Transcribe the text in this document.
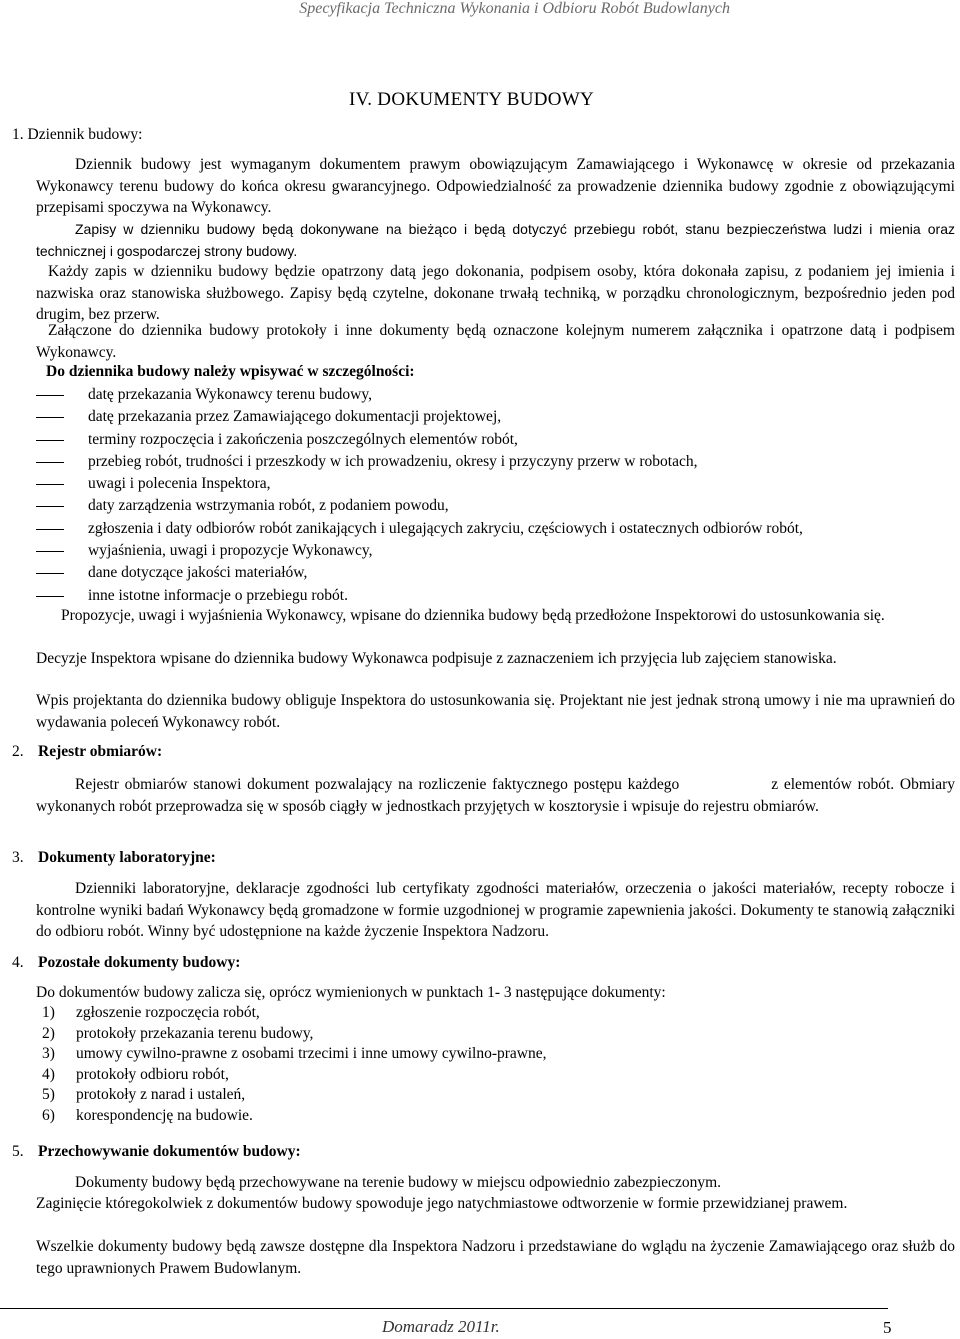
Specyfikacja Techniczna Wykonania i Odbioru Robót Budowlanych
IV. DOKUMENTY BUDOWY
1. Dziennik budowy:
Dziennik budowy jest wymaganym dokumentem prawym obowiązującym Zamawiającego i Wykonawcę w okresie od przekazania Wykonawcy terenu budowy do końca okresu gwarancyjnego. Odpowiedzialność za prowadzenie dziennika budowy zgodnie z obowiązującymi przepisami spoczywa na Wykonawcy.
Zapisy w dzienniku budowy będą dokonywane na bieżąco i będą dotyczyć przebiegu robót, stanu bezpieczeństwa ludzi i mienia oraz technicznej i gospodarczej strony budowy.
Każdy zapis w dzienniku budowy będzie opatrzony datą jego dokonania, podpisem osoby, która dokonała zapisu, z podaniem jej imienia i nazwiska oraz stanowiska służbowego. Zapisy będą czytelne, dokonane trwałą techniką, w porządku chronologicznym, bezpośrednio jeden pod drugim, bez przerw.
Załączone do dziennika budowy protokoły i inne dokumenty będą oznaczone kolejnym numerem załącznika i opatrzone datą i podpisem Wykonawcy.
Do dziennika budowy należy wpisywać w szczególności:
datę przekazania Wykonawcy terenu budowy,
datę przekazania przez Zamawiającego dokumentacji projektowej,
terminy rozpoczęcia i zakończenia poszczególnych elementów robót,
przebieg robót, trudności i przeszkody w ich prowadzeniu, okresy i przyczyny przerw w robotach,
uwagi i polecenia Inspektora,
daty zarządzenia wstrzymania robót, z podaniem powodu,
zgłoszenia i daty odbiorów robót zanikających i ulegających zakryciu, częściowych i ostatecznych odbiorów robót,
wyjaśnienia, uwagi i propozycje Wykonawcy,
dane dotyczące jakości materiałów,
inne istotne informacje o przebiegu robót.
Propozycje, uwagi i wyjaśnienia Wykonawcy, wpisane do dziennika budowy będą przedłożone Inspektorowi do ustosunkowania się.
Decyzje Inspektora wpisane do dziennika budowy Wykonawca podpisuje z zaznaczeniem ich przyjęcia lub zajęciem stanowiska.
Wpis projektanta do dziennika budowy obliguje Inspektora do ustosunkowania się. Projektant nie jest jednak stroną umowy i nie ma uprawnień do wydawania poleceń Wykonawcy robót.
2. Rejestr obmiarów:
Rejestr obmiarów stanowi dokument pozwalający na rozliczenie faktycznego postępu każdego	z elementów robót. Obmiary wykonanych robót przeprowadza się w sposób ciągły w jednostkach przyjętych w kosztorysie i wpisuje do rejestru obmiarów.
3. Dokumenty laboratoryjne:
Dzienniki laboratoryjne, deklaracje zgodności lub certyfikaty zgodności materiałów, orzeczenia o jakości materiałów, recepty robocze i kontrolne wyniki badań Wykonawcy będą gromadzone w formie uzgodnionej w programie zapewnienia jakości. Dokumenty te stanowią załączniki do odbioru robót. Winny być udostępnione na każde życzenie Inspektora Nadzoru.
4. Pozostałe dokumenty budowy:
Do dokumentów budowy zalicza się, oprócz wymienionych w punktach 1- 3 następujące dokumenty:
1) zgłoszenie rozpoczęcia robót,
2) protokoły przekazania terenu budowy,
3) umowy cywilno-prawne z osobami trzecimi i inne umowy cywilno-prawne,
4) protokoły odbioru robót,
5) protokoły z narad i ustaleń,
6) korespondencję na budowie.
5. Przechowywanie dokumentów budowy:
Dokumenty budowy będą przechowywane na terenie budowy w miejscu odpowiednio zabezpieczonym.
Zaginięcie któregokolwiek z dokumentów budowy spowoduje jego natychmiastowe odtworzenie w formie przewidzianej prawem.
Wszelkie dokumenty budowy będą zawsze dostępne dla Inspektora Nadzoru i przedstawiane do wglądu na życzenie Zamawiającego oraz służb do tego uprawnionych Prawem Budowlanym.
Domaradz 2011r.	5
